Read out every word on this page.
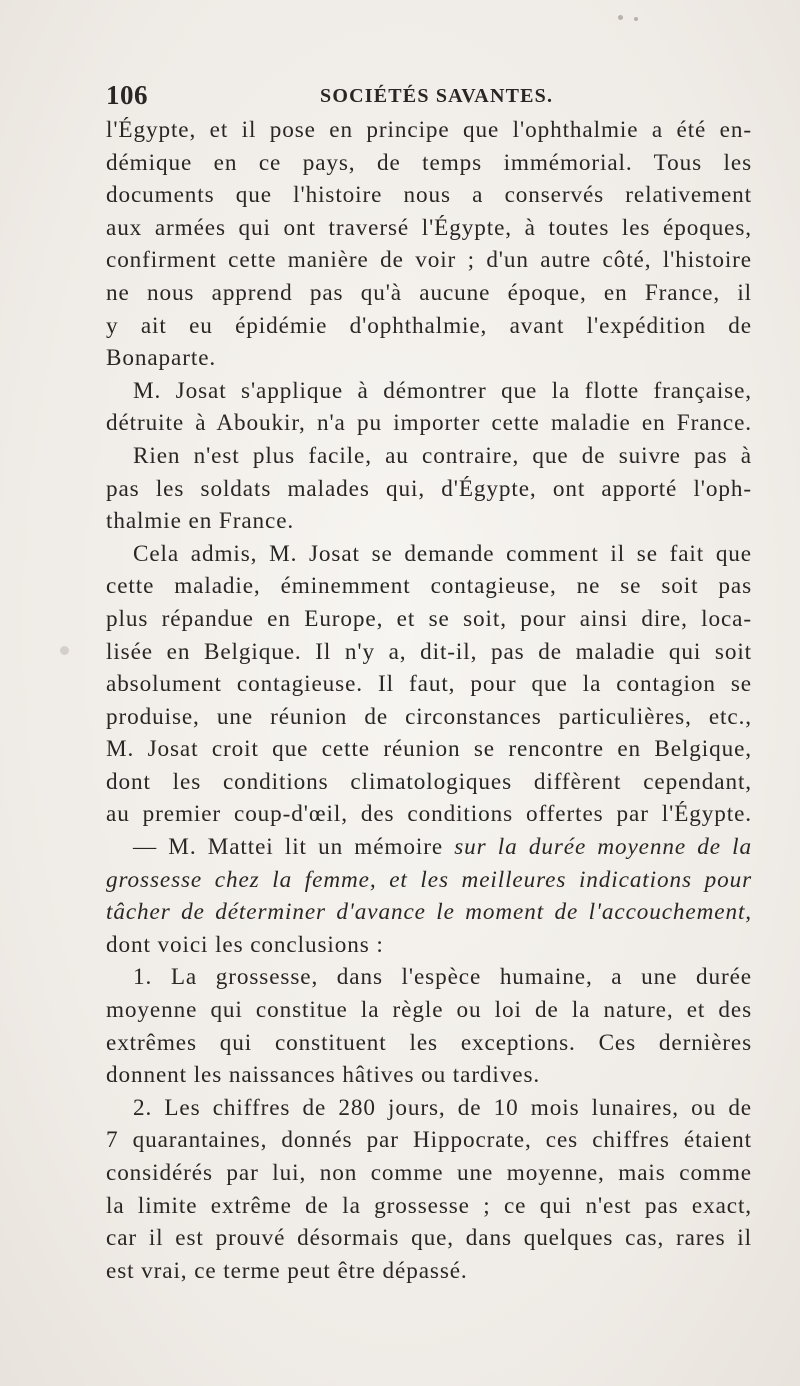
106	SOCIÉTÉS SAVANTES.
l'Égypte, et il pose en principe que l'ophthalmie a été en-
démique en ce pays, de temps immémorial. Tous les
documents que l'histoire nous a conservés relativement
aux armées qui ont traversé l'Égypte, à toutes les époques,
confirment cette manière de voir ; d'un autre côté, l'histoire
ne nous apprend pas qu'à aucune époque, en France, il
y ait eu épidémie d'ophthalmie, avant l'expédition de
Bonaparte.
M. Josat s'applique à démontrer que la flotte française,
détruite à Aboukir, n'a pu importer cette maladie en France.
Rien n'est plus facile, au contraire, que de suivre pas à
pas les soldats malades qui, d'Égypte, ont apporté l'oph-
thalmie en France.
Cela admis, M. Josat se demande comment il se fait que
cette maladie, éminemment contagieuse, ne se soit pas
plus répandue en Europe, et se soit, pour ainsi dire, loca-
lisée en Belgique. Il n'y a, dit-il, pas de maladie qui soit
absolument contagieuse. Il faut, pour que la contagion se
produise, une réunion de circonstances particulières, etc.,
M. Josat croit que cette réunion se rencontre en Belgique,
dont les conditions climatologiques diffèrent cependant,
au premier coup-d'œil, des conditions offertes par l'Égypte.
— M. Mattei lit un mémoire sur la durée moyenne de la
grossesse chez la femme, et les meilleures indications pour
tâcher de déterminer d'avance le moment de l'accouchement,
dont voici les conclusions :
1. La grossesse, dans l'espèce humaine, a une durée
moyenne qui constitue la règle ou loi de la nature, et des
extrêmes qui constituent les exceptions. Ces dernières
donnent les naissances hâtives ou tardives.
2. Les chiffres de 280 jours, de 10 mois lunaires, ou de
7 quarantaines, donnés par Hippocrate, ces chiffres étaient
considérés par lui, non comme une moyenne, mais comme
la limite extrême de la grossesse ; ce qui n'est pas exact,
car il est prouvé désormais que, dans quelques cas, rares il
est vrai, ce terme peut être dépassé.
